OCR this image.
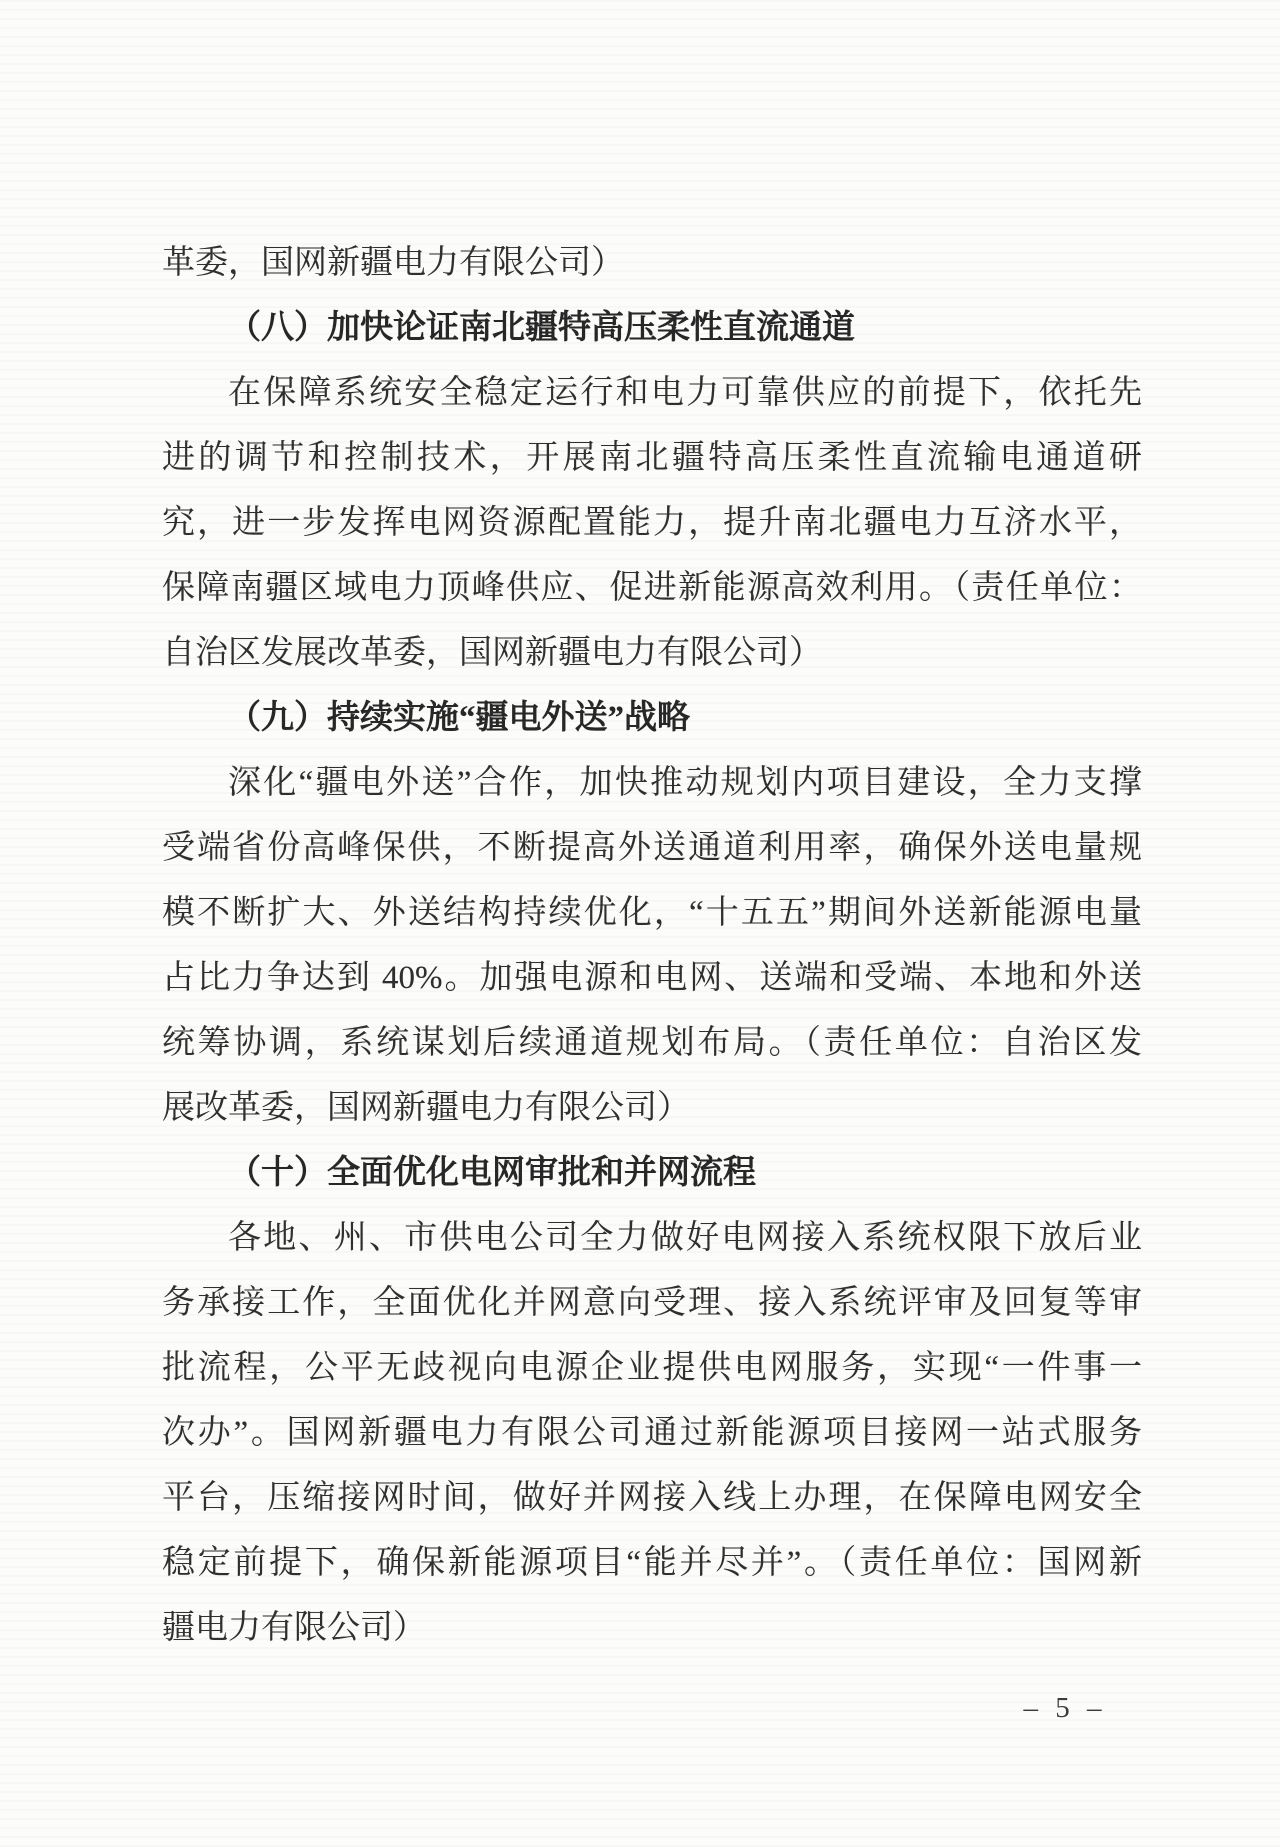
革委，国网新疆电力有限公司）
（八）加快论证南北疆特高压柔性直流通道
在保障系统安全稳定运行和电力可靠供应的前提下，依托先
进的调节和控制技术，开展南北疆特高压柔性直流输电通道研
究，进一步发挥电网资源配置能力，提升南北疆电力互济水平，
保障南疆区域电力顶峰供应、促进新能源高效利用。（责任单位：
自治区发展改革委，国网新疆电力有限公司）
（九）持续实施“疆电外送”战略
深化“疆电外送”合作，加快推动规划内项目建设，全力支撑
受端省份高峰保供，不断提高外送通道利用率，确保外送电量规
模不断扩大、外送结构持续优化，“十五五”期间外送新能源电量
占比力争达到 40%。加强电源和电网、送端和受端、本地和外送
统筹协调，系统谋划后续通道规划布局。（责任单位：自治区发
展改革委，国网新疆电力有限公司）
（十）全面优化电网审批和并网流程
各地、州、市供电公司全力做好电网接入系统权限下放后业
务承接工作，全面优化并网意向受理、接入系统评审及回复等审
批流程，公平无歧视向电源企业提供电网服务，实现“一件事一
次办”。国网新疆电力有限公司通过新能源项目接网一站式服务
平台，压缩接网时间，做好并网接入线上办理，在保障电网安全
稳定前提下，确保新能源项目“能并尽并”。（责任单位：国网新
疆电力有限公司）
– 5 –
